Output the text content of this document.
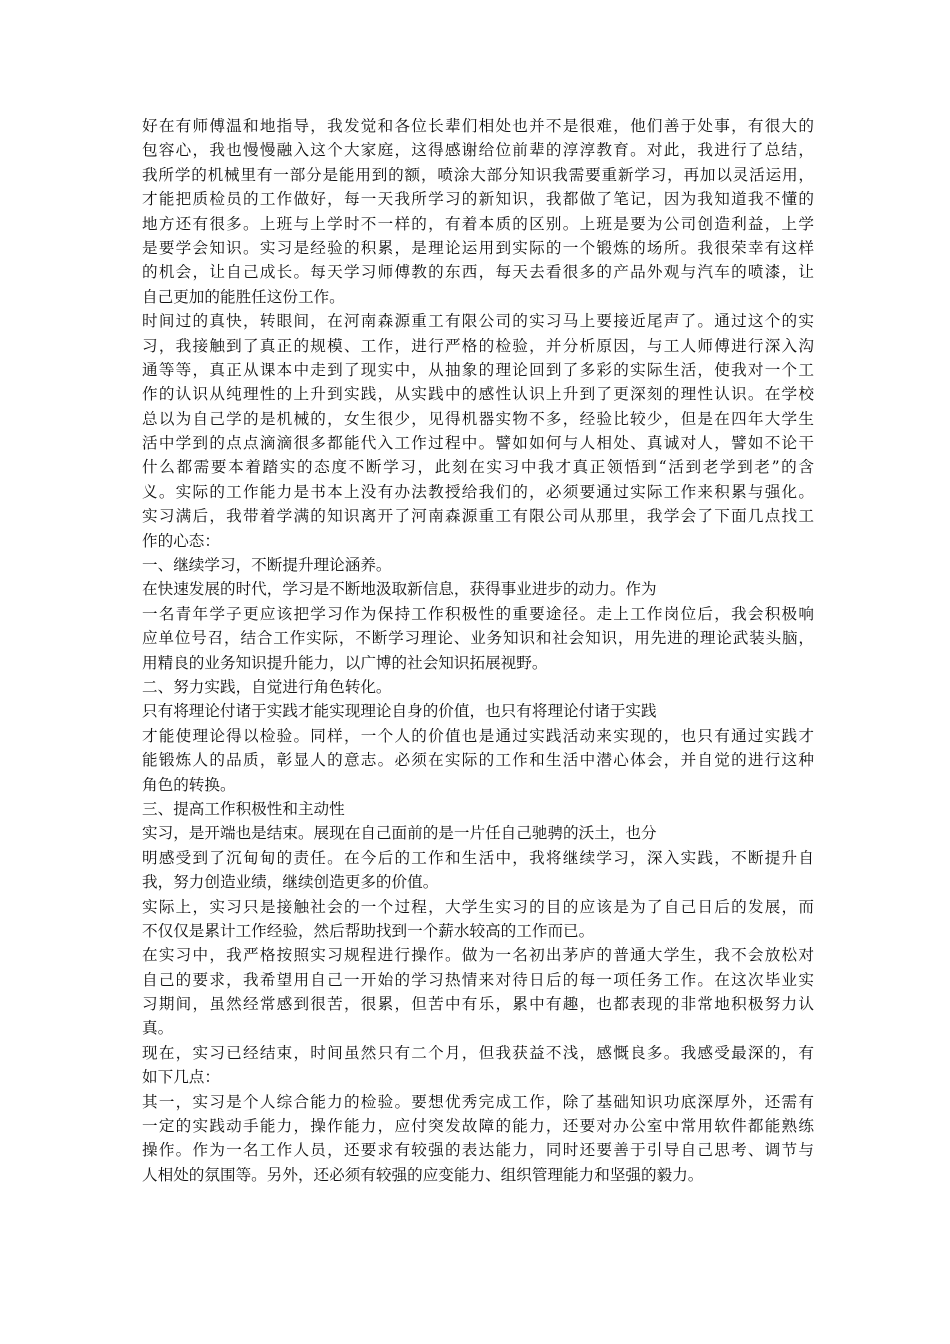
好在有师傅温和地指导，我发觉和各位长辈们相处也并不是很难，他们善于处事，有很大的
包容心，我也慢慢融入这个大家庭，这得感谢给位前辈的淳淳教育。对此，我进行了总结，
我所学的机械里有一部分是能用到的额，喷涂大部分知识我需要重新学习，再加以灵活运用，
才能把质检员的工作做好，每一天我所学习的新知识，我都做了笔记，因为我知道我不懂的
地方还有很多。上班与上学时不一样的，有着本质的区别。上班是要为公司创造利益，上学
是要学会知识。实习是经验的积累，是理论运用到实际的一个锻炼的场所。我很荣幸有这样
的机会，让自己成长。每天学习师傅教的东西，每天去看很多的产品外观与汽车的喷漆，让
自己更加的能胜任这份工作。
时间过的真快，转眼间，在河南森源重工有限公司的实习马上要接近尾声了。通过这个的实
习，我接触到了真正的规模、工作，进行严格的检验，并分析原因，与工人师傅进行深入沟
通等等，真正从课本中走到了现实中，从抽象的理论回到了多彩的实际生活，使我对一个工
作的认识从纯理性的上升到实践，从实践中的感性认识上升到了更深刻的理性认识。在学校
总以为自己学的是机械的，女生很少，见得机器实物不多，经验比较少，但是在四年大学生
活中学到的点点滴滴很多都能代入工作过程中。譬如如何与人相处、真诚对人，譬如不论干
什么都需要本着踏实的态度不断学习，此刻在实习中我才真正领悟到“活到老学到老”的含
义。实际的工作能力是书本上没有办法教授给我们的，必须要通过实际工作来积累与强化。
实习满后，我带着学满的知识离开了河南森源重工有限公司从那里，我学会了下面几点找工
作的心态：
一、继续学习，不断提升理论涵养。
在快速发展的时代，学习是不断地汲取新信息，获得事业进步的动力。作为
一名青年学子更应该把学习作为保持工作积极性的重要途径。走上工作岗位后，我会积极响
应单位号召，结合工作实际，不断学习理论、业务知识和社会知识，用先进的理论武装头脑，
用精良的业务知识提升能力，以广博的社会知识拓展视野。
二、努力实践，自觉进行角色转化。
只有将理论付诸于实践才能实现理论自身的价值，也只有将理论付诸于实践
才能使理论得以检验。同样，一个人的价值也是通过实践活动来实现的，也只有通过实践才
能锻炼人的品质，彰显人的意志。必须在实际的工作和生活中潜心体会，并自觉的进行这种
角色的转换。
三、提高工作积极性和主动性
实习，是开端也是结束。展现在自己面前的是一片任自己驰骋的沃土，也分
明感受到了沉甸甸的责任。在今后的工作和生活中，我将继续学习，深入实践，不断提升自
我，努力创造业绩，继续创造更多的价值。
实际上，实习只是接触社会的一个过程，大学生实习的目的应该是为了自己日后的发展，而
不仅仅是累计工作经验，然后帮助找到一个薪水较高的工作而已。
在实习中，我严格按照实习规程进行操作。做为一名初出茅庐的普通大学生，我不会放松对
自己的要求，我希望用自己一开始的学习热情来对待日后的每一项任务工作。在这次毕业实
习期间，虽然经常感到很苦，很累，但苦中有乐，累中有趣，也都表现的非常地积极努力认
真。
现在，实习已经结束，时间虽然只有二个月，但我获益不浅，感慨良多。我感受最深的，有
如下几点：
其一，实习是个人综合能力的检验。要想优秀完成工作，除了基础知识功底深厚外，还需有
一定的实践动手能力，操作能力，应付突发故障的能力，还要对办公室中常用软件都能熟练
操作。作为一名工作人员，还要求有较强的表达能力，同时还要善于引导自己思考、调节与
人相处的氛围等。另外，还必须有较强的应变能力、组织管理能力和坚强的毅力。
